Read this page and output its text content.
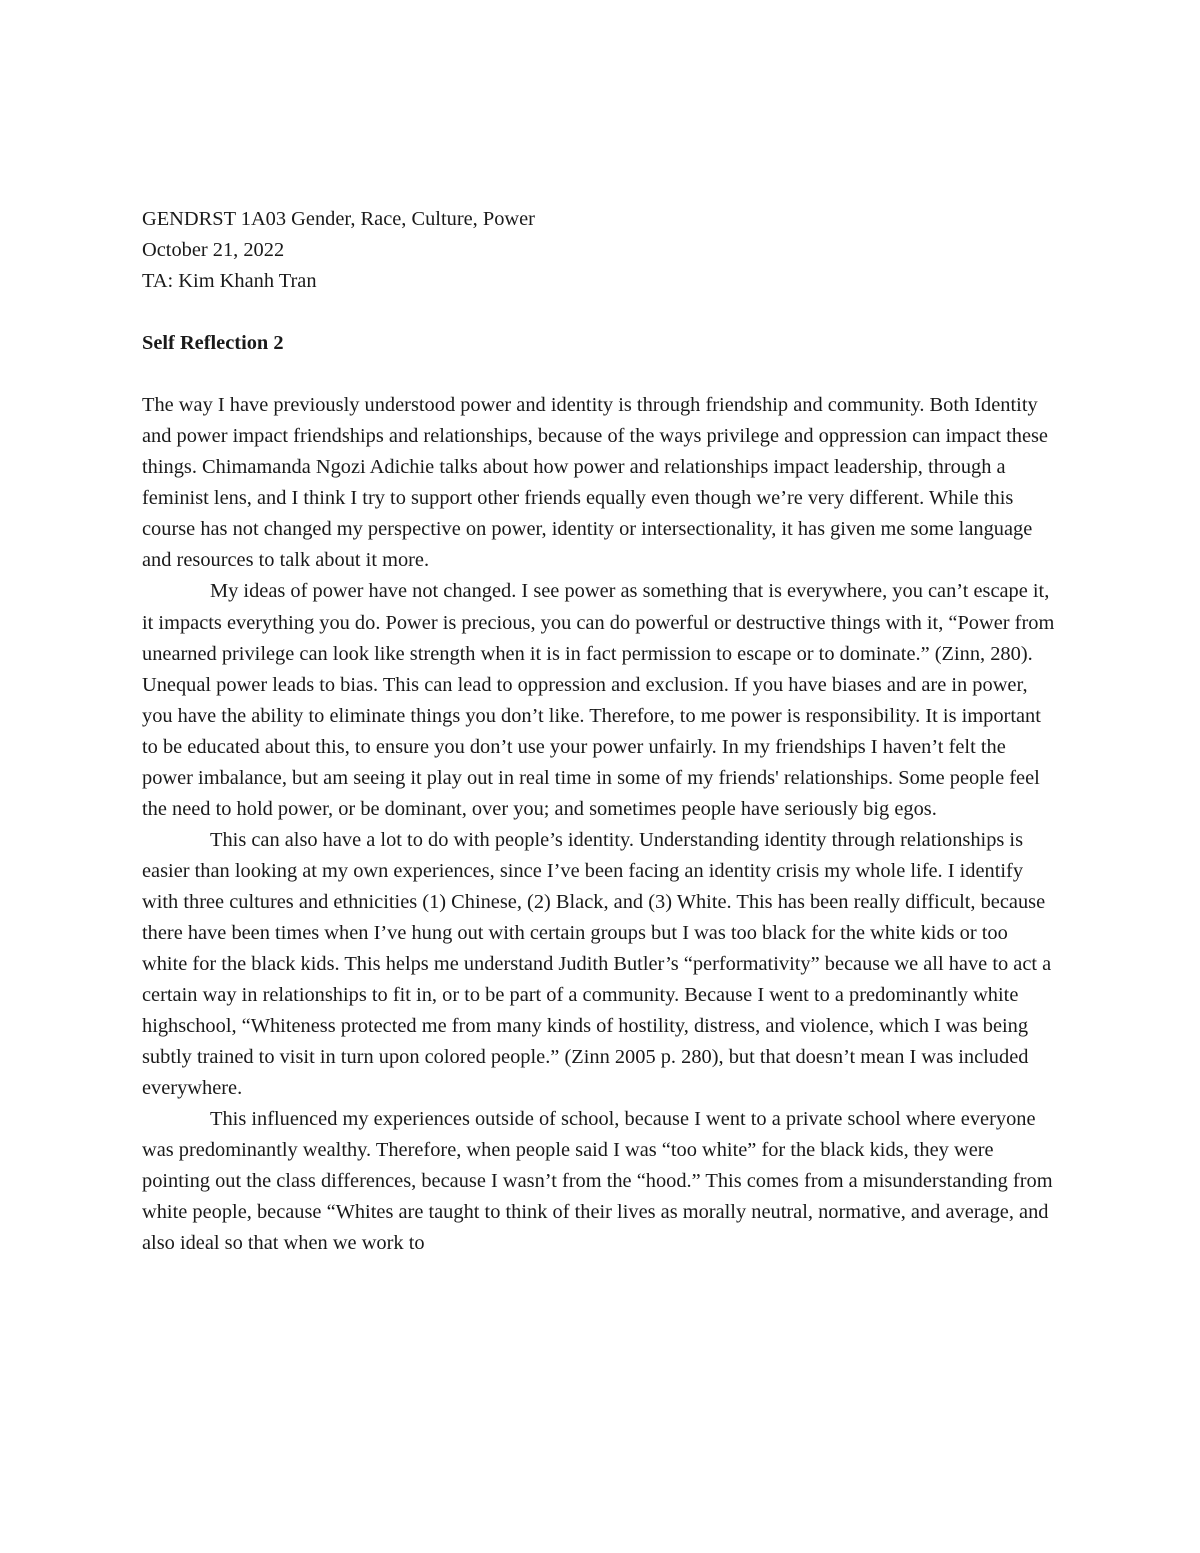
GENDRST 1A03 Gender, Race, Culture, Power

October 21, 2022

TA: Kim Khanh Tran

Self Reflection 2

The way I have previously understood power and identity is through friendship and community. Both Identity and power impact friendships and relationships, because of the ways privilege and oppression can impact these things. Chimamanda Ngozi Adichie talks about how power and relationships impact leadership, through a feminist lens, and I think I try to support other friends equally even though we’re very different. While this course has not changed my perspective on power, identity or intersectionality, it has given me some language and resources to talk about it more.

My ideas of power have not changed. I see power as something that is everywhere, you can’t escape it, it impacts everything you do. Power is precious, you can do powerful or destructive things with it, “Power from unearned privilege can look like strength when it is in fact permission to escape or to dominate.” (Zinn, 280). Unequal power leads to bias. This can lead to oppression and exclusion. If you have biases and are in power, you have the ability to eliminate things you don’t like. Therefore, to me power is responsibility. It is important to be educated about this, to ensure you don’t use your power unfairly. In my friendships I haven’t felt the power imbalance, but am seeing it play out in real time in some of my friends' relationships. Some people feel the need to hold power, or be dominant, over you; and sometimes people have seriously big egos.

This can also have a lot to do with people’s identity. Understanding identity through relationships is easier than looking at my own experiences, since I’ve been facing an identity crisis my whole life. I identify with three cultures and ethnicities (1) Chinese, (2) Black, and (3) White. This has been really difficult, because there have been times when I’ve hung out with certain groups but I was too black for the white kids or too white for the black kids. This helps me understand Judith Butler’s “performativity” because we all have to act a certain way in relationships to fit in, or to be part of a community. Because I went to a predominantly white highschool, “Whiteness protected me from many kinds of hostility, distress, and violence, which I was being subtly trained to visit in turn upon colored people.” (Zinn 2005 p. 280), but that doesn’t mean I was included everywhere.

This influenced my experiences outside of school, because I went to a private school where everyone was predominantly wealthy. Therefore, when people said I was “too white” for the black kids, they were pointing out the class differences, because I wasn’t from the “hood.” This comes from a misunderstanding from white people, because “Whites are taught to think of their lives as morally neutral, normative, and average, and also ideal so that when we work to
